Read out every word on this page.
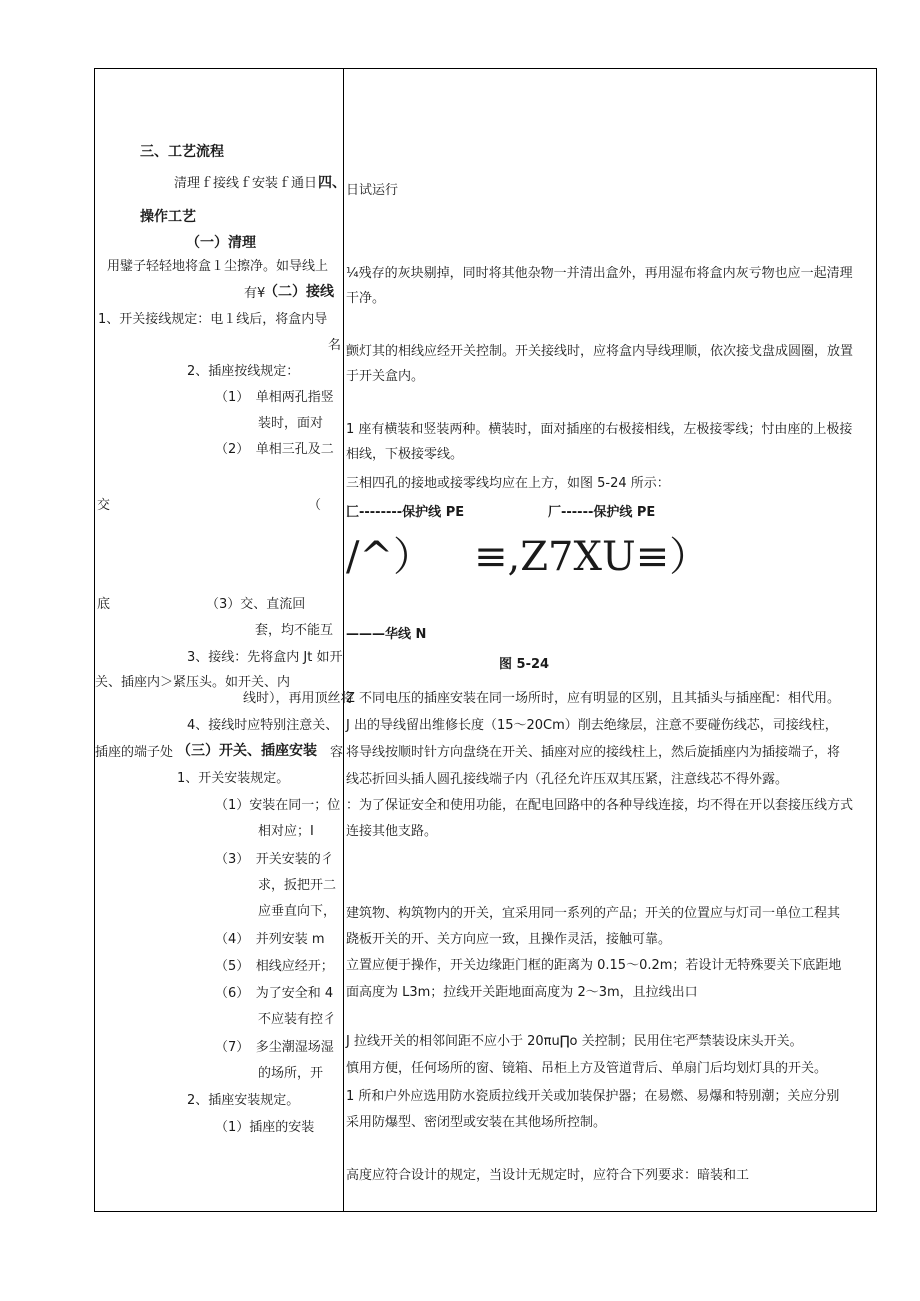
三、工艺流程
清理ｆ接线ｆ安装ｆ通日 四、
操作工艺
（一）清理
用鐾子轻轻地将盒１尘擦净。如导线上
有¥
（二）接线
1、开关接线规定：电１线后，将盒内导
名
2、插座按线规定：
（1）　单相两孔指竖
装时，面对
（2）　单相三孔及二
交	（
底	（3）交、直流回
套，均不能互
3、接线：先将盒内 Jt 如开
关、插座内＞紧压头。如开关、内
线时），再用顶丝将
4、接线时应特别注意关、
插座的端子处 （三）开关、插座安装 容
1、开关安装规定。
（1）安装在同一；位
相对应；I
（3）　开关安装的彳
求，扳把开二
应垂直向下，
（4）　并列安装 m
（5）　相线应经开；
（6）　为了安全和 4
不应装有控彳
（7）　多尘潮湿场湿
的场所，开
2、插座安装规定。
（1）插座的安装
日试运行
¼残存的灰块剔掉，同时将其他杂物一并清出盒外，再用湿布将盒内灰亏物也应一起清理
干净。
颤灯其的相线应经开关控制。开关接线时，应将盒内导线理顺，依次接戈盘成圆圈，放置
于开关盒内。
1 座有横装和竖装两种。横装时，面对插座的右极接相线，左极接零线；忖由座的上极接
相线，下极接零线。
三相四孔的接地或接零线均应在上方，如图 5-24 所示：
匚--------保护线 PE	厂------保护线 PE
/^） ≡,Z7XU≡）
———华线 N
图 5-24
Z 不同电压的插座安装在同一场所时，应有明显的区别，且其插头与插座配：相代用。
J 出的导线留出维修长度（15～20Cm）削去绝缘层，注意不要碰伤线芯，司接线柱，
将导线按顺时针方向盘绕在开关、插座对应的接线柱上，然后旋插座内为插接端子，将
线芯折回头插人圆孔接线端子内（孔径允许压双其压紧，注意线芯不得外露。
：为了保证安全和使用功能，在配电回路中的各种导线连接，均不得在开以套接压线方式
连接其他支路。
建筑物、构筑物内的开关，宜采用同一系列的产品；开关的位置应与灯司一单位工程其
跷板开关的开、关方向应一致，且操作灵活，接触可靠。
立置应便于操作，开关边缘距门框的距离为 0.15～0.2m；若设计无特殊要关下底距地
面高度为 L3m；拉线开关距地面高度为 2～3m，且拉线出口
J 拉线开关的相邻间距不应小于 20πu∏o 关控制；民用住宅严禁装设床头开关。
慎用方便，任何场所的窗、镜箱、吊柜上方及管道背后、单扇门后均划灯具的开关。
1 所和户外应选用防水瓷质拉线开关或加装保护器；在易燃、易爆和特别潮；关应分别
采用防爆型、密闭型或安装在其他场所控制。
高度应符合设计的规定，当设计无规定时，应符合下列要求：暗装和工
